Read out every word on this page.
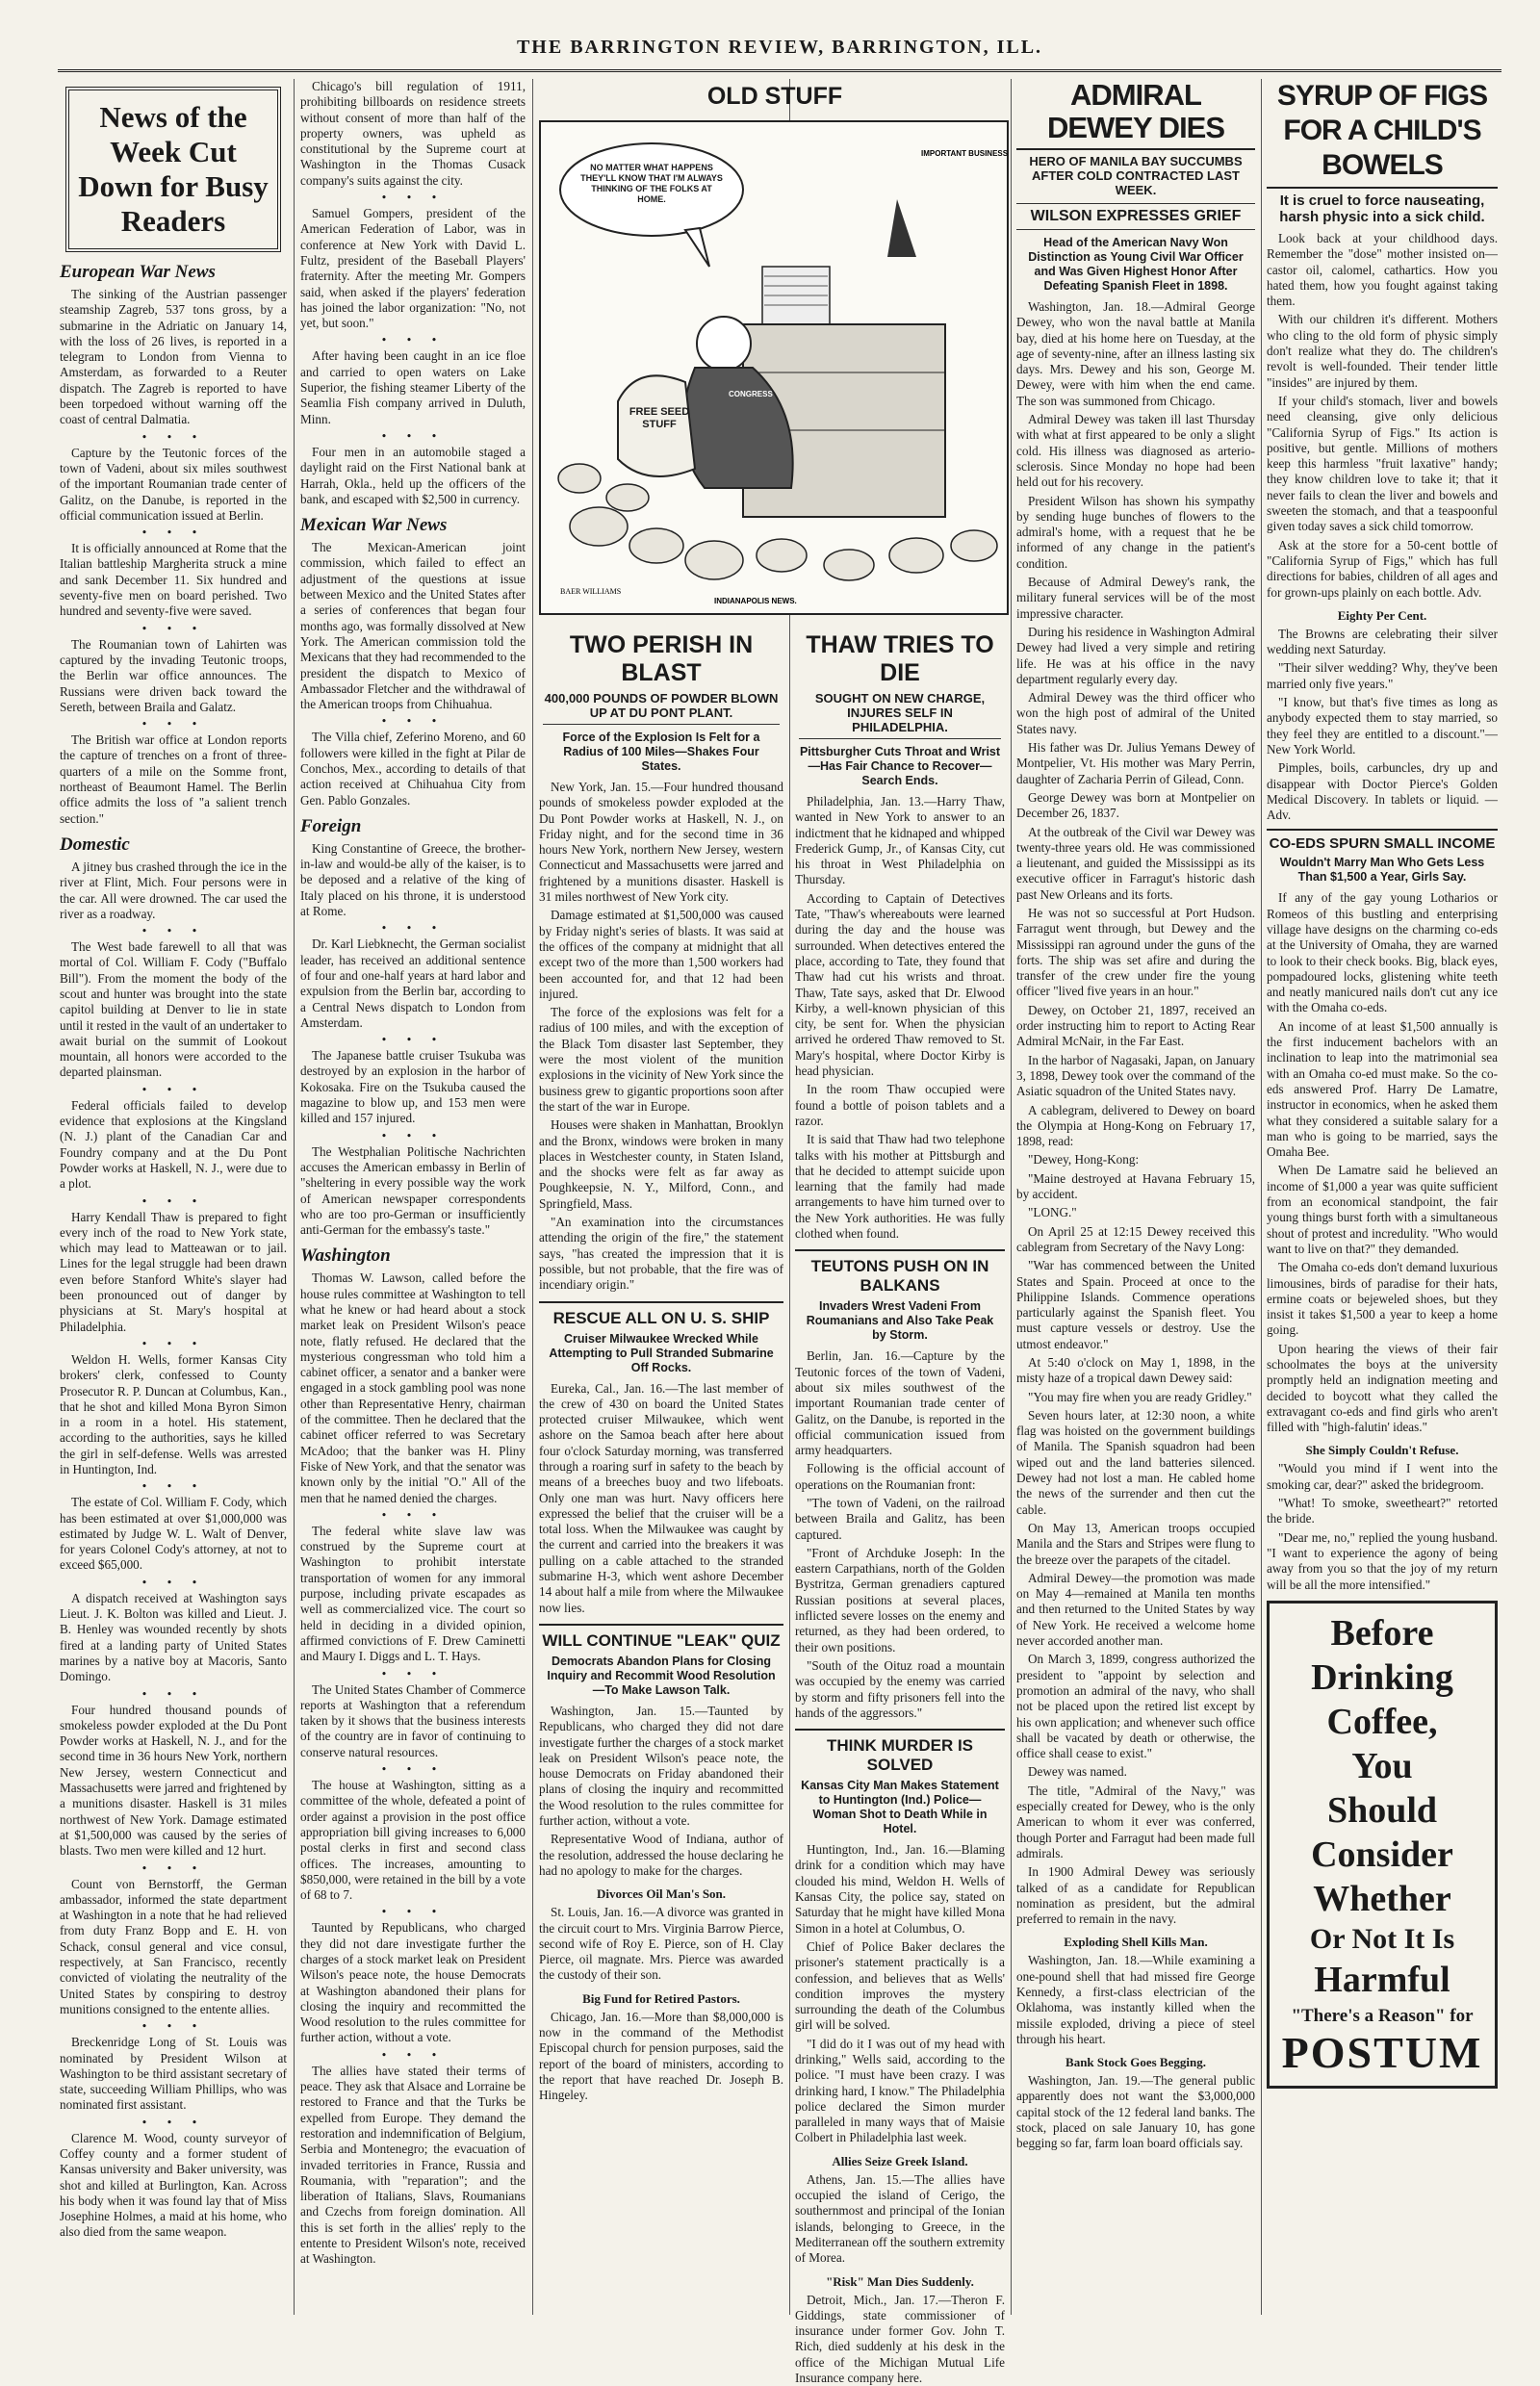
THE BARRINGTON REVIEW, BARRINGTON, ILL.
News of the Week Cut Down for Busy Readers
European War News

The sinking of the Austrian passenger steamship Zagreb, 537 tons gross, by a submarine in the Adriatic on January 14, with the loss of 26 lives, is reported in a telegram to London from Vienna to Amsterdam, as forwarded to a Reuter dispatch. The Zagreb is reported to have been torpedoed without warning off the coast of central Dalmatia.

• • •

Capture by the Teutonic forces of the town of Vadeni, about six miles southwest of the important Roumanian trade center of Galitz, on the Danube, is reported in the official communication issued at Berlin.

• • •

It is officially announced at Rome that the Italian battleship Margherita struck a mine and sank December 11. Six hundred and seventy-five men on board perished. Two hundred and seventy-five were saved.

• • •

The Roumanian town of Lahirten was captured by the invading Teutonic troops, the Berlin war office announces. The Russians were driven back toward the Sereth, between Braila and Galatz.

• • •

The British war office at London reports the capture of trenches on a front of three-quarters of a mile on the Somme front, northeast of Beaumont Hamel. The Berlin office admits the loss of "a salient trench section."

Domestic

A jitney bus crashed through the ice in the river at Flint, Mich. Four persons were in the car. All were drowned. The car used the river as a roadway.

• • •

The West bade farewell to all that was mortal of Col. William F. Cody ("Buffalo Bill"). From the moment the body of the scout and hunter was brought into the state capitol building at Denver to lie in state until it rested in the vault of an undertaker to await burial on the summit of Lookout mountain, all honors were accorded to the departed plainsman.

• • •

Federal officials failed to develop evidence that explosions at the Kingsland (N. J.) plant of the Canadian Car and Foundry company and at the Du Pont Powder works at Haskell, N. J., were due to a plot.

• • •

Harry Kendall Thaw is prepared to fight every inch of the road to New York state, which may lead to Matteawan or to jail. Lines for the legal struggle had been drawn even before Stanford White's slayer had been pronounced out of danger by physicians at St. Mary's hospital at Philadelphia.

• • •

Weldon H. Wells, former Kansas City brokers' clerk, confessed to County Prosecutor R. P. Duncan at Columbus, Kan., that he shot and killed Mona Byron Simon in a room in a hotel. His statement, according to the authorities, says he killed the girl in self-defense. Wells was arrested in Huntington, Ind.

• • •

The estate of Col. William F. Cody, which has been estimated at over $1,000,000 was estimated by Judge W. L. Walt of Denver, for years Colonel Cody's attorney, at not to exceed $65,000.

• • •

A dispatch received at Washington says Lieut. J. K. Bolton was killed and Lieut. J. B. Henley was wounded recently by shots fired at a landing party of United States marines by a native boy at Macoris, Santo Domingo.

• • •

Four hundred thousand pounds of smokeless powder exploded at the Du Pont Powder works at Haskell, N. J., and for the second time in 36 hours New York, northern New Jersey, western Connecticut and Massachusetts were jarred and frightened by a munitions disaster. Haskell is 31 miles northwest of New York. Damage estimated at $1,500,000 was caused by the series of blasts. Two men were killed and 12 hurt.

• • •

Count von Bernstorff, the German ambassador, informed the state department at Washington in a note that he had relieved from duty Franz Bopp and E. H. von Schack, consul general and vice consul, respectively, at San Francisco, recently convicted of violating the neutrality of the United States by conspiring to destroy munitions consigned to the entente allies.

• • •

Breckenridge Long of St. Louis was nominated by President Wilson at Washington to be third assistant secretary of state, succeeding William Phillips, who was nominated first assistant.

• • •

Clarence M. Wood, county surveyor of Coffey county and a former student of Kansas university and Baker university, was shot and killed at Burlington, Kan. Across his body when it was found lay that of Miss Josephine Holmes, a maid at his home, who also died from the same weapon.

Chicago's bill regulation of 1911, prohibiting billboards on residence streets without consent of more than half of the property owners, was upheld as constitutional by the Supreme court at Washington in the Thomas Cusack company's suits against the city.

• • •

Samuel Gompers, president of the American Federation of Labor, was in conference at New York with David L. Fultz, president of the Baseball Players' fraternity. After the meeting Mr. Gompers said, when asked if the players' federation has joined the labor organization: "No, not yet, but soon."

• • •

After having been caught in an ice floe and carried to open waters on Lake Superior, the fishing steamer Liberty of the Seamlia Fish company arrived in Duluth, Minn.

• • •

Four men in an automobile staged a daylight raid on the First National bank at Harrah, Okla., held up the officers of the bank, and escaped with $2,500 in currency.

Mexican War News

The Mexican-American joint commission, which failed to effect an adjustment of the questions at issue between Mexico and the United States after a series of conferences that began four months ago, was formally dissolved at New York. The American commission told the Mexicans that they had recommended to the president the dispatch to Mexico of Ambassador Fletcher and the withdrawal of the American troops from Chihuahua.

• • •

The Villa chief, Zeferino Moreno, and 60 followers were killed in the fight at Pilar de Conchos, Mex., according to details of that action received at Chihuahua City from Gen. Pablo Gonzales.

Foreign

King Constantine of Greece, the brother-in-law and would-be ally of the kaiser, is to be deposed and a relative of the king of Italy placed on his throne, it is understood at Rome.

• • •

Dr. Karl Liebknecht, the German socialist leader, has received an additional sentence of four and one-half years at hard labor and expulsion from the Berlin bar, according to a Central News dispatch to London from Amsterdam.

• • •

The Japanese battle cruiser Tsukuba was destroyed by an explosion in the harbor of Kokosaka. Fire on the Tsukuba caused the magazine to blow up, and 153 men were killed and 157 injured.

• • •

The Westphalian Politische Nachrichten accuses the American embassy in Berlin of "sheltering in every possible way the work of American newspaper correspondents who are too pro-German or insufficiently anti-German for the embassy's taste."

Washington

Thomas W. Lawson, called before the house rules committee at Washington to tell what he knew or had heard about a stock market leak on President Wilson's peace note, flatly refused. He declared that the mysterious congressman who told him a cabinet officer, a senator and a banker were engaged in a stock gambling pool was none other than Representative Henry, chairman of the committee. Then he declared that the cabinet officer referred to was Secretary McAdoo; that the banker was H. Pliny Fiske of New York, and that the senator was known only by the initial "O." All of the men that he named denied the charges.

• • •

The federal white slave law was construed by the Supreme court at Washington to prohibit interstate transportation of women for any immoral purpose, including private escapades as well as commercialized vice. The court so held in deciding in a divided opinion, affirmed convictions of F. Drew Caminetti and Maury I. Diggs and L. T. Hays.

• • •

The United States Chamber of Commerce reports at Washington that a referendum taken by it shows that the business interests of the country are in favor of continuing to conserve natural resources.

• • •

The house at Washington, sitting as a committee of the whole, defeated a point of order against a provision in the post office appropriation bill giving increases to 6,000 postal clerks in first and second class offices. The increases, amounting to $850,000, were retained in the bill by a vote of 68 to 7.

• • •

Taunted by Republicans, who charged they did not dare investigate further the charges of a stock market leak on President Wilson's peace note, the house Democrats at Washington abandoned their plans for closing the inquiry and recommitted the Wood resolution to the rules committee for further action, without a vote.

• • •

The allies have stated their terms of peace. They ask that Alsace and Lorraine be restored to France and that the Turks be expelled from Europe. They demand the restoration and indemnification of Belgium, Serbia and Montenegro; the evacuation of invaded territories in France, Russia and Roumania, with "reparation"; and the liberation of Italians, Slavs, Roumanians and Czechs from foreign domination. All this is set forth in the allies' reply to the entente to President Wilson's note, received at Washington.

OLD STUFF
NO MATTER WHAT HAPPENS THEY'LL KNOW THAT I'M ALWAYS THINKING OF THE FOLKS AT HOME.
IMPORTANT BUSINESS
CONGRESS
FREE SEED STUFF
BAER WILLIAMS
INDIANAPOLIS NEWS.
TWO PERISH IN BLAST
400,000 POUNDS OF POWDER BLOWN UP AT DU PONT PLANT.
Force of the Explosion Is Felt for a Radius of 100 Miles—Shakes Four States.

New York, Jan. 15.—Four hundred thousand pounds of smokeless powder exploded at the Du Pont Powder works at Haskell, N. J., on Friday night, and for the second time in 36 hours New York, northern New Jersey, western Connecticut and Massachusetts were jarred and frightened by a munitions disaster. Haskell is 31 miles northwest of New York city.

Damage estimated at $1,500,000 was caused by Friday night's series of blasts. It was said at the offices of the company at midnight that all except two of the more than 1,500 workers had been accounted for, and that 12 had been injured.

The force of the explosions was felt for a radius of 100 miles, and with the exception of the Black Tom disaster last September, they were the most violent of the munition explosions in the vicinity of New York since the business grew to gigantic proportions soon after the start of the war in Europe.

Houses were shaken in Manhattan, Brooklyn and the Bronx, windows were broken in many places in Westchester county, in Staten Island, and the shocks were felt as far away as Poughkeepsie, N. Y., Milford, Conn., and Springfield, Mass.

"An examination into the circumstances attending the origin of the fire," the statement says, "has created the impression that it is possible, but not probable, that the fire was of incendiary origin."

RESCUE ALL ON U. S. SHIP
Cruiser Milwaukee Wrecked While Attempting to Pull Stranded Submarine Off Rocks.

Eureka, Cal., Jan. 16.—The last member of the crew of 430 on board the United States protected cruiser Milwaukee, which went ashore on the Samoa beach after here about four o'clock Saturday morning, was transferred through a roaring surf in safety to the beach by means of a breeches buoy and two lifeboats. Only one man was hurt. Navy officers here expressed the belief that the cruiser will be a total loss. When the Milwaukee was caught by the current and carried into the breakers it was pulling on a cable attached to the stranded submarine H-3, which went ashore December 14 about half a mile from where the Milwaukee now lies.

WILL CONTINUE "LEAK" QUIZ
Democrats Abandon Plans for Closing Inquiry and Recommit Wood Resolution—To Make Lawson Talk.

Washington, Jan. 15.—Taunted by Republicans, who charged they did not dare investigate further the charges of a stock market leak on President Wilson's peace note, the house Democrats on Friday abandoned their plans of closing the inquiry and recommitted the Wood resolution to the rules committee for further action, without a vote.

Representative Wood of Indiana, author of the resolution, addressed the house declaring he had no apology to make for the charges.

Divorces Oil Man's Son.

St. Louis, Jan. 16.—A divorce was granted in the circuit court to Mrs. Virginia Barrow Pierce, second wife of Roy E. Pierce, son of H. Clay Pierce, oil magnate. Mrs. Pierce was awarded the custody of their son.

Big Fund for Retired Pastors.

Chicago, Jan. 16.—More than $8,000,000 is now in the command of the Methodist Episcopal church for pension purposes, said the report of the board of ministers, according to the report that have reached Dr. Joseph B. Hingeley.

THAW TRIES TO DIE
SOUGHT ON NEW CHARGE, INJURES SELF IN PHILADELPHIA.
Pittsburgher Cuts Throat and Wrist—Has Fair Chance to Recover—Search Ends.

Philadelphia, Jan. 13.—Harry Thaw, wanted in New York to answer to an indictment that he kidnaped and whipped Frederick Gump, Jr., of Kansas City, cut his throat in West Philadelphia on Thursday.

According to Captain of Detectives Tate, "Thaw's whereabouts were learned during the day and the house was surrounded. When detectives entered the place, according to Tate, they found that Thaw had cut his wrists and throat. Thaw, Tate says, asked that Dr. Elwood Kirby, a well-known physician of this city, be sent for. When the physician arrived he ordered Thaw removed to St. Mary's hospital, where Doctor Kirby is head physician.

In the room Thaw occupied were found a bottle of poison tablets and a razor.

It is said that Thaw had two telephone talks with his mother at Pittsburgh and that he decided to attempt suicide upon learning that the family had made arrangements to have him turned over to the New York authorities. He was fully clothed when found.

TEUTONS PUSH ON IN BALKANS
Invaders Wrest Vadeni From Roumanians and Also Take Peak by Storm.

Berlin, Jan. 16.—Capture by the Teutonic forces of the town of Vadeni, about six miles southwest of the important Roumanian trade center of Galitz, on the Danube, is reported in the official communication issued from army headquarters.

Following is the official account of operations on the Roumanian front:

"The town of Vadeni, on the railroad between Braila and Galitz, has been captured.

"Front of Archduke Joseph: In the eastern Carpathians, north of the Golden Bystritza, German grenadiers captured Russian positions at several places, inflicted severe losses on the enemy and returned, as they had been ordered, to their own positions.

"South of the Oituz road a mountain was occupied by the enemy was carried by storm and fifty prisoners fell into the hands of the aggressors."

THINK MURDER IS SOLVED
Kansas City Man Makes Statement to Huntington (Ind.) Police—Woman Shot to Death While in Hotel.

Huntington, Ind., Jan. 16.—Blaming drink for a condition which may have clouded his mind, Weldon H. Wells of Kansas City, the police say, stated on Saturday that he might have killed Mona Simon in a hotel at Columbus, O.

Chief of Police Baker declares the prisoner's statement practically is a confession, and believes that as Wells' condition improves the mystery surrounding the death of the Columbus girl will be solved.

"I did do it I was out of my head with drinking," Wells said, according to the police. "I must have been crazy. I was drinking hard, I know." The Philadelphia police declared the Simon murder paralleled in many ways that of Maisie Colbert in Philadelphia last week.

Allies Seize Greek Island.

Athens, Jan. 15.—The allies have occupied the island of Cerigo, the southernmost and principal of the Ionian islands, belonging to Greece, in the Mediterranean off the southern extremity of Morea.

"Risk" Man Dies Suddenly.

Detroit, Mich., Jan. 17.—Theron F. Giddings, state commissioner of insurance under former Gov. John T. Rich, died suddenly at his desk in the office of the Michigan Mutual Life Insurance company here.

ADMIRAL DEWEY DIES
HERO OF MANILA BAY SUCCUMBS AFTER COLD CONTRACTED LAST WEEK.
WILSON EXPRESSES GRIEF
Head of the American Navy Won Distinction as Young Civil War Officer and Was Given Highest Honor After Defeating Spanish Fleet in 1898.

Washington, Jan. 18.—Admiral George Dewey, who won the naval battle at Manila bay, died at his home here on Tuesday, at the age of seventy-nine, after an illness lasting six days. Mrs. Dewey and his son, George M. Dewey, were with him when the end came. The son was summoned from Chicago.

Admiral Dewey was taken ill last Thursday with what at first appeared to be only a slight cold. His illness was diagnosed as arterio-sclerosis. Since Monday no hope had been held out for his recovery.

President Wilson has shown his sympathy by sending huge bunches of flowers to the admiral's home, with a request that he be informed of any change in the patient's condition.

Because of Admiral Dewey's rank, the military funeral services will be of the most impressive character.

During his residence in Washington Admiral Dewey had lived a very simple and retiring life. He was at his office in the navy department regularly every day.

Admiral Dewey was the third officer who won the high post of admiral of the United States navy.

His father was Dr. Julius Yemans Dewey of Montpelier, Vt. His mother was Mary Perrin, daughter of Zacharia Perrin of Gilead, Conn.

George Dewey was born at Montpelier on December 26, 1837.

At the outbreak of the Civil war Dewey was twenty-three years old. He was commissioned a lieutenant, and guided the Mississippi as its executive officer in Farragut's historic dash past New Orleans and its forts.

He was not so successful at Port Hudson. Farragut went through, but Dewey and the Mississippi ran aground under the guns of the forts. The ship was set afire and during the transfer of the crew under fire the young officer "lived five years in an hour."

Dewey, on October 21, 1897, received an order instructing him to report to Acting Rear Admiral McNair, in the Far East.

In the harbor of Nagasaki, Japan, on January 3, 1898, Dewey took over the command of the Asiatic squadron of the United States navy.

A cablegram, delivered to Dewey on board the Olympia at Hong-Kong on February 17, 1898, read:

"Dewey, Hong-Kong:

"Maine destroyed at Havana February 15, by accident.

"LONG."

On April 25 at 12:15 Dewey received this cablegram from Secretary of the Navy Long:

"War has commenced between the United States and Spain. Proceed at once to the Philippine Islands. Commence operations particularly against the Spanish fleet. You must capture vessels or destroy. Use the utmost endeavor."

At 5:40 o'clock on May 1, 1898, in the misty haze of a tropical dawn Dewey said:

"You may fire when you are ready Gridley."

Seven hours later, at 12:30 noon, a white flag was hoisted on the government buildings of Manila. The Spanish squadron had been wiped out and the land batteries silenced. Dewey had not lost a man. He cabled home the news of the surrender and then cut the cable.

On May 13, American troops occupied Manila and the Stars and Stripes were flung to the breeze over the parapets of the citadel.

Admiral Dewey—the promotion was made on May 4—remained at Manila ten months and then returned to the United States by way of New York. He received a welcome home never accorded another man.

On March 3, 1899, congress authorized the president to "appoint by selection and promotion an admiral of the navy, who shall not be placed upon the retired list except by his own application; and whenever such office shall be vacated by death or otherwise, the office shall cease to exist."

Dewey was named.

The title, "Admiral of the Navy," was especially created for Dewey, who is the only American to whom it ever was conferred, though Porter and Farragut had been made full admirals.

In 1900 Admiral Dewey was seriously talked of as a candidate for Republican nomination as president, but the admiral preferred to remain in the navy.

Exploding Shell Kills Man.

Washington, Jan. 18.—While examining a one-pound shell that had missed fire George Kennedy, a first-class electrician of the Oklahoma, was instantly killed when the missile exploded, driving a piece of steel through his heart.

Bank Stock Goes Begging.

Washington, Jan. 19.—The general public apparently does not want the $3,000,000 capital stock of the 12 federal land banks. The stock, placed on sale January 10, has gone begging so far, farm loan board officials say.

SYRUP OF FIGS FOR A CHILD'S BOWELS
It is cruel to force nauseating, harsh physic into a sick child.

Look back at your childhood days. Remember the "dose" mother insisted on—castor oil, calomel, cathartics. How you hated them, how you fought against taking them.

With our children it's different. Mothers who cling to the old form of physic simply don't realize what they do. The children's revolt is well-founded. Their tender little "insides" are injured by them.

If your child's stomach, liver and bowels need cleansing, give only delicious "California Syrup of Figs." Its action is positive, but gentle. Millions of mothers keep this harmless "fruit laxative" handy; they know children love to take it; that it never fails to clean the liver and bowels and sweeten the stomach, and that a teaspoonful given today saves a sick child tomorrow.

Ask at the store for a 50-cent bottle of "California Syrup of Figs," which has full directions for babies, children of all ages and for grown-ups plainly on each bottle. Adv.

Eighty Per Cent.

The Browns are celebrating their silver wedding next Saturday.

"Their silver wedding? Why, they've been married only five years."

"I know, but that's five times as long as anybody expected them to stay married, so they feel they are entitled to a discount."—New York World.

Pimples, boils, carbuncles, dry up and disappear with Doctor Pierce's Golden Medical Discovery. In tablets or liquid. —Adv.

CO-EDS SPURN SMALL INCOME
Wouldn't Marry Man Who Gets Less Than $1,500 a Year, Girls Say.

If any of the gay young Lotharios or Romeos of this bustling and enterprising village have designs on the charming co-eds at the University of Omaha, they are warned to look to their check books. Big, black eyes, pompadoured locks, glistening white teeth and neatly manicured nails don't cut any ice with the Omaha co-eds.

An income of at least $1,500 annually is the first inducement bachelors with an inclination to leap into the matrimonial sea with an Omaha co-ed must make. So the co-eds answered Prof. Harry De Lamatre, instructor in economics, when he asked them what they considered a suitable salary for a man who is going to be married, says the Omaha Bee.

When De Lamatre said he believed an income of $1,000 a year was quite sufficient from an economical standpoint, the fair young things burst forth with a simultaneous shout of protest and incredulity. "Who would want to live on that?" they demanded.

The Omaha co-eds don't demand luxurious limousines, birds of paradise for their hats, ermine coats or bejeweled shoes, but they insist it takes $1,500 a year to keep a home going.

Upon hearing the views of their fair schoolmates the boys at the university promptly held an indignation meeting and decided to boycott what they called the extravagant co-eds and find girls who aren't filled with "high-falutin' ideas."

She Simply Couldn't Refuse.

"Would you mind if I went into the smoking car, dear?" asked the bridegroom.

"What! To smoke, sweetheart?" retorted the bride.

"Dear me, no," replied the young husband. "I want to experience the agony of being away from you so that the joy of my return will be all the more intensified."

Before
Drinking
Coffee,
You
Should
Consider
Whether
Or Not It Is
Harmful
"There's a Reason" for
POSTUM
